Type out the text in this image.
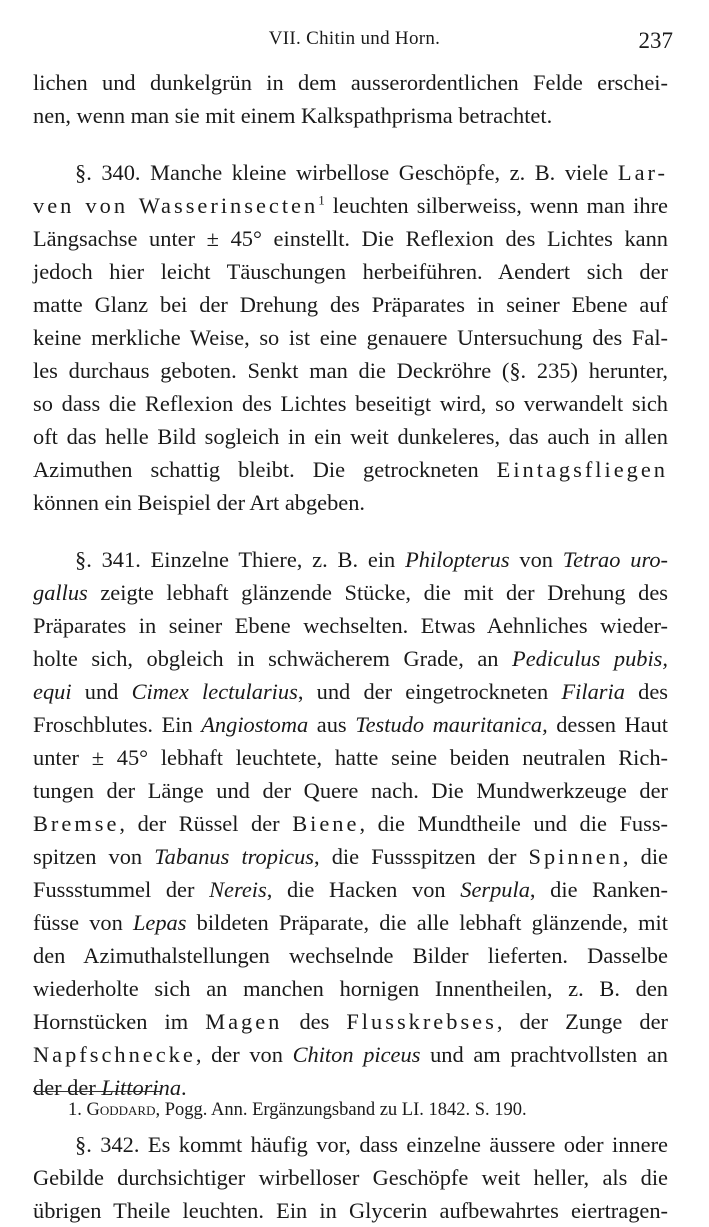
VII. Chitin und Horn.	237
lichen und dunkelgrün in dem ausserordentlichen Felde erschei-
nen, wenn man sie mit einem Kalkspathprisma betrachtet.
§. 340. Manche kleine wirbellose Geschöpfe, z. B. viele Lar-
ven von Wasserinsecten$^1$ leuchten silberweiss, wenn man ihre
Längsachse unter ± 45° einstellt. Die Reflexion des Lichtes kann
jedoch hier leicht Täuschungen herbeiführen. Aendert sich der
matte Glanz bei der Drehung des Präparates in seiner Ebene auf
keine merkliche Weise, so ist eine genauere Untersuchung des Fal-
les durchaus geboten. Senkt man die Deckröhre (§. 235) herunter,
so dass die Reflexion des Lichtes beseitigt wird, so verwandelt sich
oft das helle Bild sogleich in ein weit dunkeleres, das auch in allen
Azimuthen schattig bleibt. Die getrockneten Eintagsfliegen
können ein Beispiel der Art abgeben.
§. 341. Einzelne Thiere, z. B. ein Philopterus von Tetrao uro-
gallus zeigte lebhaft glänzende Stücke, die mit der Drehung des
Präparates in seiner Ebene wechselten. Etwas Aehnliches wieder-
holte sich, obgleich in schwächerem Grade, an Pediculus pubis,
equi und Cimex lectularius, und der eingetrockneten Filaria des
Froschblutes. Ein Angiostoma aus Testudo mauritanica, dessen Haut
unter ± 45° lebhaft leuchtete, hatte seine beiden neutralen Rich-
tungen der Länge und der Quere nach. Die Mundwerkzeuge der
Bremse, der Rüssel der Biene, die Mundtheile und die Fuss-
spitzen von Tabanus tropicus, die Fussspitzen der Spinnen, die
Fussstummel der Nereis, die Hacken von Serpula, die Ranken-
füsse von Lepas bildeten Präparate, die alle lebhaft glänzende, mit
den Azimuthalstellungen wechselnde Bilder lieferten. Dasselbe
wiederholte sich an manchen hornigen Innentheilen, z. B. den
Hornstücken im Magen des Flusskrebses, der Zunge der
Napfschnecke, der von Chiton piceus und am prachtvollsten an
der der Littorina.
§. 342. Es kommt häufig vor, dass einzelne äussere oder innere
Gebilde durchsichtiger wirbelloser Geschöpfe weit heller, als die
übrigen Theile leuchten. Ein in Glycerin aufbewahrtes eiertragen-
1. Goddard, Pogg. Ann. Ergänzungsband zu LI. 1842. S. 190.
